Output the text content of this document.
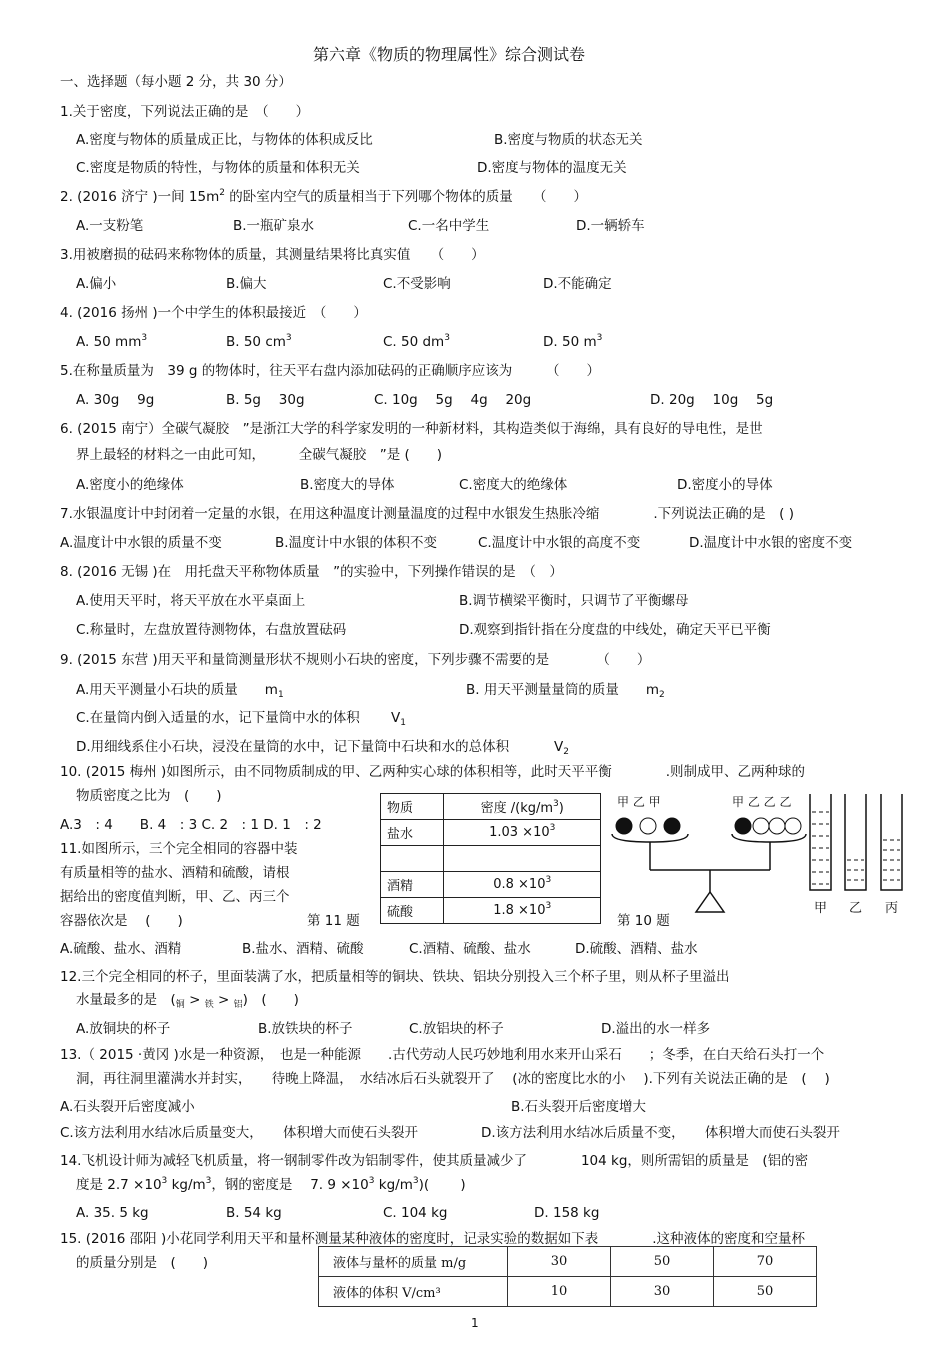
第六章《物质的物理属性》综合测试卷
一、选择题（每小题 2 分，共 30 分）
1.关于密度，下列说法正确的是　（　　）
A.密度与物体的质量成正比，与物体的体积成反比	B.密度与物质的状态无关
C.密度是物质的特性，与物体的质量和体积无关	D.密度与物体的温度无关
2. (2016 济宁 )一间 $15m^2$ 的卧室内空气的质量相当于下列哪个物体的质量　　（　　）
A.一支粉笔	B.一瓶矿泉水	C.一名中学生	D.一辆轿车
3.用被磨损的砝码来称物体的质量，其测量结果将比真实值　　（　　）
A.偏小	B.偏大	C.不受影响	D.不能确定
4. (2016 扬州 )一个中学生的体积最接近　（　　）
A. 50 $mm^3$	B. 50 $cm^3$	C. 50 $dm^3$	D. 50 $m^3$
5.在称量质量为　39 g 的物体时，往天平右盘内添加砝码的正确顺序应该为　　　（　　）
A. 30g　 9g	B. 5g　 30g	C. 10g　 5g　 4g　 20g	D. 20g　 10g　 5g
6. (2015 南宁）全碳气凝胶　”是浙江大学的科学家发明的一种新材料，其构造类似于海绵，具有良好的导电性，是世
界上最轻的材料之一由此可知，　　　全碳气凝胶　”是 (　　)
A.密度小的绝缘体	B.密度大的导体	C.密度大的绝缘体	D.密度小的导体
7.水银温度计中封闭着一定量的水银，在用这种温度计测量温度的过程中水银发生热胀冷缩　　　　.下列说法正确的是　( )
A.温度计中水银的质量不变	B.温度计中水银的体积不变	C.温度计中水银的高度不变	D.温度计中水银的密度不变
8. (2016 无锡 )在　用托盘天平称物体质量　”的实验中，下列操作错误的是　（　）
A.使用天平时，将天平放在水平桌面上	B.调节横梁平衡时，只调节了平衡螺母
C.称量时，左盘放置待测物体，右盘放置砝码	D.观察到指针指在分度盘的中线处，确定天平已平衡
9. (2015 东营 )用天平和量筒测量形状不规则小石块的密度，下列步骤不需要的是　　　　（　　）
A.用天平测量小石块的质量　　$m_1$	B. 用天平测量量筒的质量　　$m_2$
C.在量筒内倒入适量的水，记下量筒中水的体积　　 $V_1$
D.用细线系住小石块，浸没在量筒的水中，记下量筒中石块和水的总体积　　　 $V_2$
10. (2015 梅州 )如图所示，由不同物质制成的甲、乙两种实心球的体积相等，此时天平平衡　　　　.则制成甲、乙两种球的
物质密度之比为　(　　)
A.3　: 4　　B. 4　: 3 C. 2　: 1 D. 1　: 2
11.如图所示，三个完全相同的容器中装
有质量相等的盐水、酒精和硫酸，请根
据给出的密度值判断，甲、乙、丙三个
容器依次是　 (　　)	第 11 题	第 10 题
物质	密度 $/(kg/m^3)$
盐水	$1.03 \times 10^3$

酒精	$0.8 \times 10^3$
硫酸	$1.8 \times 10^3$
甲 乙 甲	甲 乙 乙 乙
甲 乙 丙
A.硫酸、盐水、酒精	B.盐水、酒精、硫酸	C.酒精、硫酸、盐水	D.硫酸、酒精、盐水
12.三个完全相同的杯子，里面装满了水，把质量相等的铜块、铁块、铝块分别投入三个杯子里，则从杯子里溢出
水量最多的是　$(_铜 > _铁 > _铝)$　(　　)
A.放铜块的杯子	B.放铁块的杯子	C.放铝块的杯子	D.溢出的水一样多
13.（ 2015 ·黄冈 )水是一种资源，　也是一种能源　　.古代劳动人民巧妙地利用水来开山采石　　；冬季，在白天给石头打一个
洞，再往洞里灌满水并封实，　　待晚上降温，　水结冰后石头就裂开了　 (冰的密度比水的小　 ).下列有关说法正确的是　(　 )
A.石头裂开后密度减小	B.石头裂开后密度增大
C.该方法利用水结冰后质量变大，　　体积增大而使石头裂开	D.该方法利用水结冰后质量不变，　　体积增大而使石头裂开
14.飞机设计师为减轻飞机质量，将一钢制零件改为铝制零件，使其质量减少了　　　　104 kg，则所需铝的质量是　(铝的密
度是 $2.7 \times 10^3$ $kg/m^3$，钢的密度是　 7. $9 \times 10^3$ $kg/m^3$)(　　 )
A. 35. 5 kg	B. 54 kg	C. 104 kg	D. 158 kg
15. (2016 邵阳 )小花同学利用天平和量杯测量某种液体的密度时，记录实验的数据如下表　　　　.这种液体的密度和空量杯
的质量分别是　(　　)	液体与量杯的质量 m/g	30	50	70
液体的体积 V/cm³	10	30	50
1
